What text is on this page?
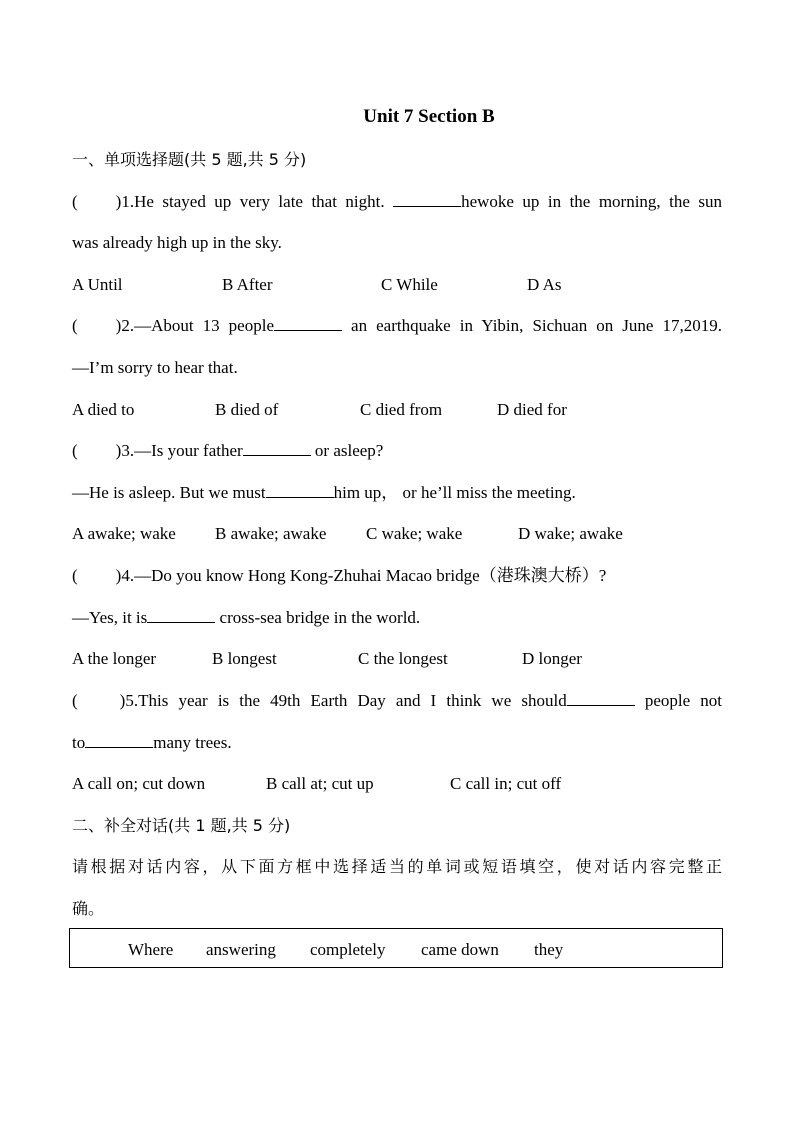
Unit 7 Section B
一、单项选择题(共 5 题,共 5 分)
( )1.He stayed up very late that night.	hewoke up in the morning, the sun
was already high up in the sky.
A Until	B After	C While	D As
( )2.—About 13 people	an earthquake in Yibin, Sichuan on June 17,2019.
—I’m sorry to hear that.
A died to	B died of	C died from	D died for
( )3.—Is your father	or asleep?
—He is asleep. But we must	him up， or he’ll miss the meeting.
A awake; wake B awake; awake C wake; wake	D wake; awake
( )4.—Do you know Hong Kong-Zhuhai Macao bridge（港珠澳大桥）?
—Yes, it is	cross-sea bridge in the world.
A the longer	B longest	C the longest	D longer
( )5.This year is the 49th Earth Day and I think we should	people not
to	many trees.
A call on; cut down	B call at; cut up	C call in; cut off
二、补全对话(共 1 题,共 5 分)
请根据对话内容，从下面方框中选择适当的单词或短语填空，使对话内容完整正
确。
Where answering completely came down they
